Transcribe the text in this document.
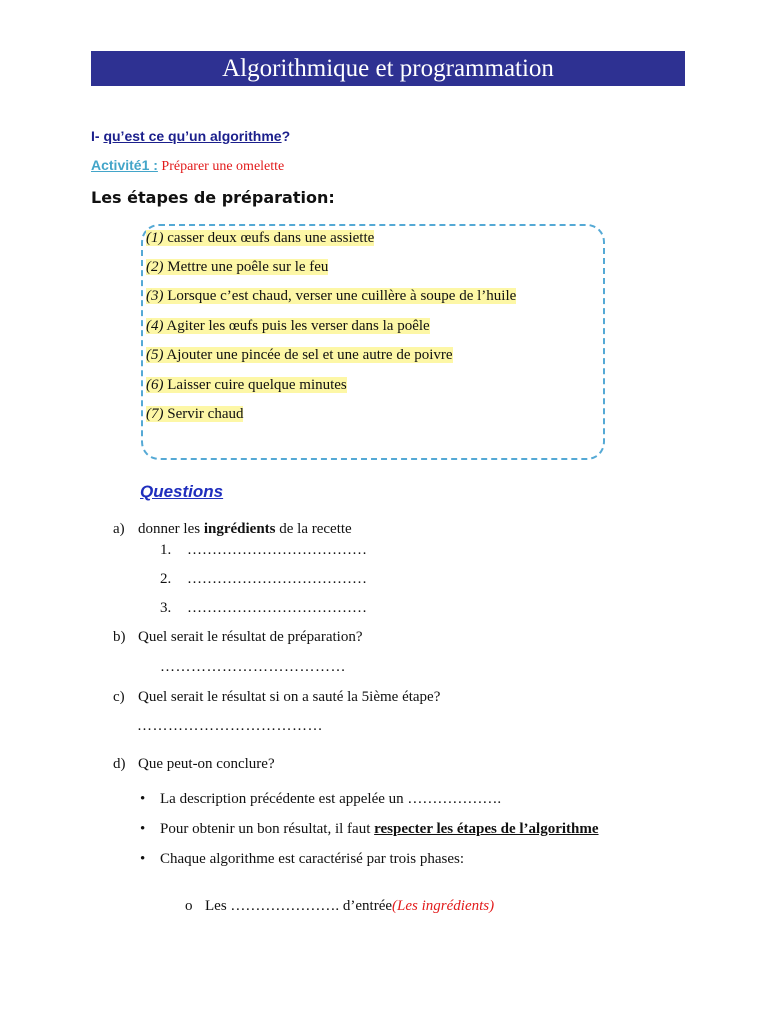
Algorithmique et programmation
I- qu’est ce qu’un algorithme?
Activité1 : Préparer une omelette
Les étapes de préparation:
(1) casser deux œufs dans une assiette
(2) Mettre une poêle sur le feu
(3) Lorsque c’est chaud, verser une cuillère à soupe de l’huile
(4) Agiter les œufs puis les verser dans la poêle
(5) Ajouter une pincée de sel et une autre de poivre
(6) Laisser cuire quelque minutes
(7) Servir chaud
Questions
a) donner les ingrédients de la recette
1. ………………………………
2. ………………………………
3. ………………………………
b) Quel serait le résultat de préparation?
………………………………
c) Quel serait le résultat si on a sauté la 5ième étape?
………………………………
d) Que peut-on conclure?
• La description précédente est appelée un ……………….
• Pour obtenir un bon résultat, il faut respecter les étapes de l’algorithme
• Chaque algorithme est caractérisé par trois phases:
o Les …………………. d’entrée(Les ingrédients)
